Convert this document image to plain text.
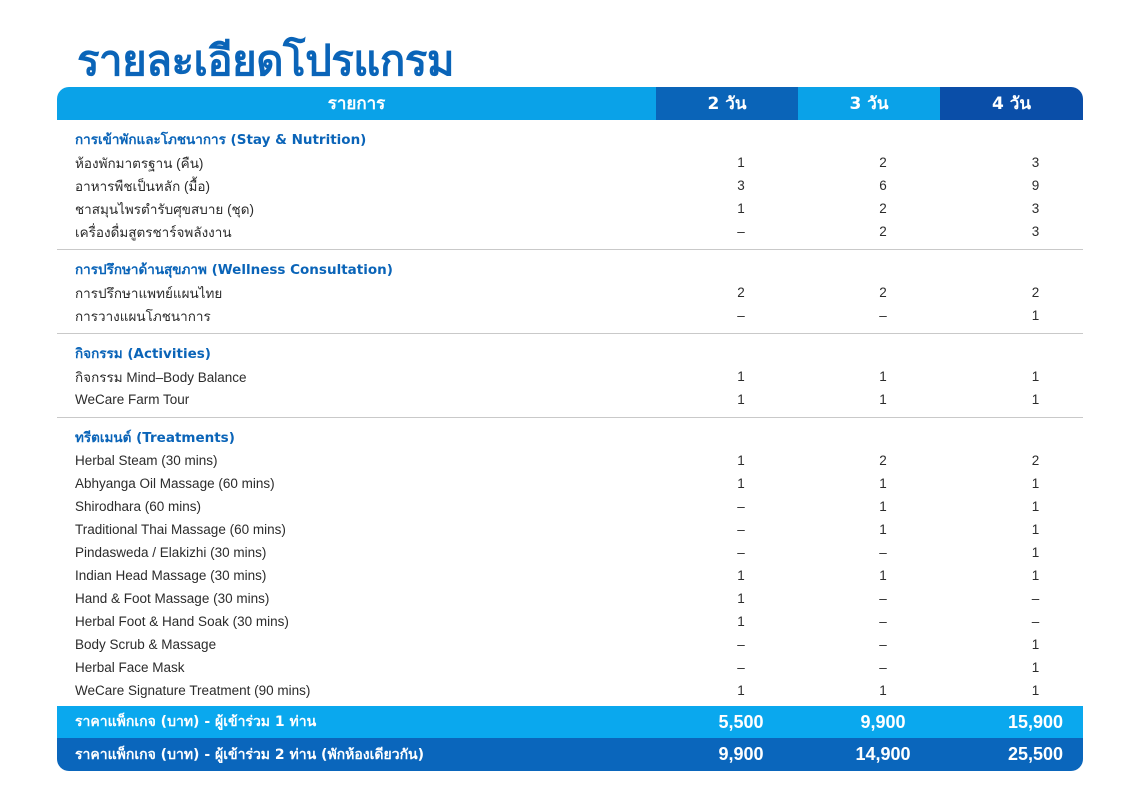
รายละเอียดโปรแกรม
รายการ	2 วัน	3 วัน	4 วัน
การเข้าพักและโภชนาการ (Stay & Nutrition)
ห้องพักมาตรฐาน (คืน)	1	2	3
อาหารพืชเป็นหลัก (มื้อ)	3	6	9
ชาสมุนไพรตำรับศุขสบาย (ชุด)	1	2	3
เครื่องดื่มสูตรชาร์จพลังงาน	–	2	3
การปรึกษาด้านสุขภาพ (Wellness Consultation)
การปรึกษาแพทย์แผนไทย	2	2	2
การวางแผนโภชนาการ	–	–	1
กิจกรรม (Activities)
กิจกรรม Mind–Body Balance	1	1	1
WeCare Farm Tour	1	1	1
ทรีตเมนต์ (Treatments)
Herbal Steam (30 mins)	1	2	2
Abhyanga Oil Massage (60 mins)	1	1	1
Shirodhara (60 mins)	–	1	1
Traditional Thai Massage (60 mins)	–	1	1
Pindasweda / Elakizhi (30 mins)	–	–	1
Indian Head Massage (30 mins)	1	1	1
Hand & Foot Massage (30 mins)	1	–	–
Herbal Foot & Hand Soak (30 mins)	1	–	–
Body Scrub & Massage	–	–	1
Herbal Face Mask	–	–	1
WeCare Signature Treatment (90 mins)	1	1	1
ราคาแพ็กเกจ (บาท) - ผู้เข้าร่วม 1 ท่าน	5,500	9,900	15,900
ราคาแพ็กเกจ (บาท) - ผู้เข้าร่วม 2 ท่าน (พักห้องเดียวกัน)	9,900	14,900	25,500
